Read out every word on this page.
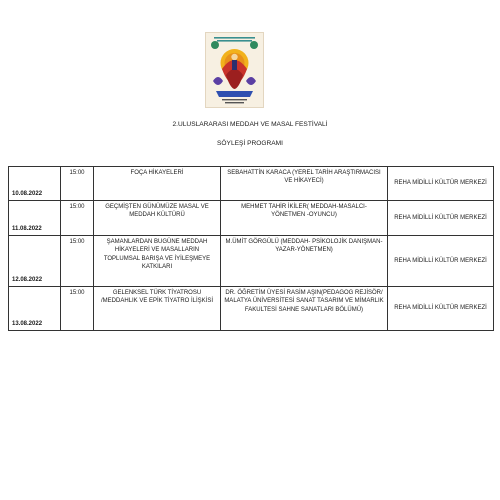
2.ULUSLARARASI MEDDAH VE MASAL FESTİVALİ
SÖYLEŞİ PROGRAMI
10.08.2022	15:00	FOÇA HİKAYELERİ	SEBAHATTİN KARACA (YEREL TARİH ARAŞTIRMACISI VE HİKAYECİ)	REHA MİDİLLİ KÜLTÜR MERKEZİ
11.08.2022	15:00	GEÇMİŞTEN GÜNÜMÜZE MASAL VE MEDDAH KÜLTÜRÜ	MEHMET TAHİR İKİLER( MEDDAH-MASALCI- YÖNETMEN -OYUNCU)	REHA MİDİLLİ KÜLTÜR MERKEZİ
12.08.2022	15:00	ŞAMANLARDAN BUGÜNE MEDDAH HİKAYELERİ VE MASALLARIN TOPLUMSAL BARIŞA VE İYİLEŞMEYE KATKILARI	M.ÜMİT GÖRGÜLÜ (MEDDAH- PSİKOLOJİK DANIŞMAN- YAZAR-YÖNETMEN)	REHA MİDİLLİ KÜLTÜR MERKEZİ
13.08.2022	15:00	GELENKSEL TÜRK TİYATROSU /MEDDAHLIK VE EPİK TİYATRO İLİŞKİSİ	DR. ÖĞRETİM ÜYESİ RASİM AŞIN(PEDAGOG REJİSÖR/ MALATYA ÜNİVERSİTESİ SANAT TASARIM VE MİMARLIK FAKULTESİ SAHNE SANATLARI BÖLÜMÜ)	REHA MİDİLLİ KÜLTÜR MERKEZİ
